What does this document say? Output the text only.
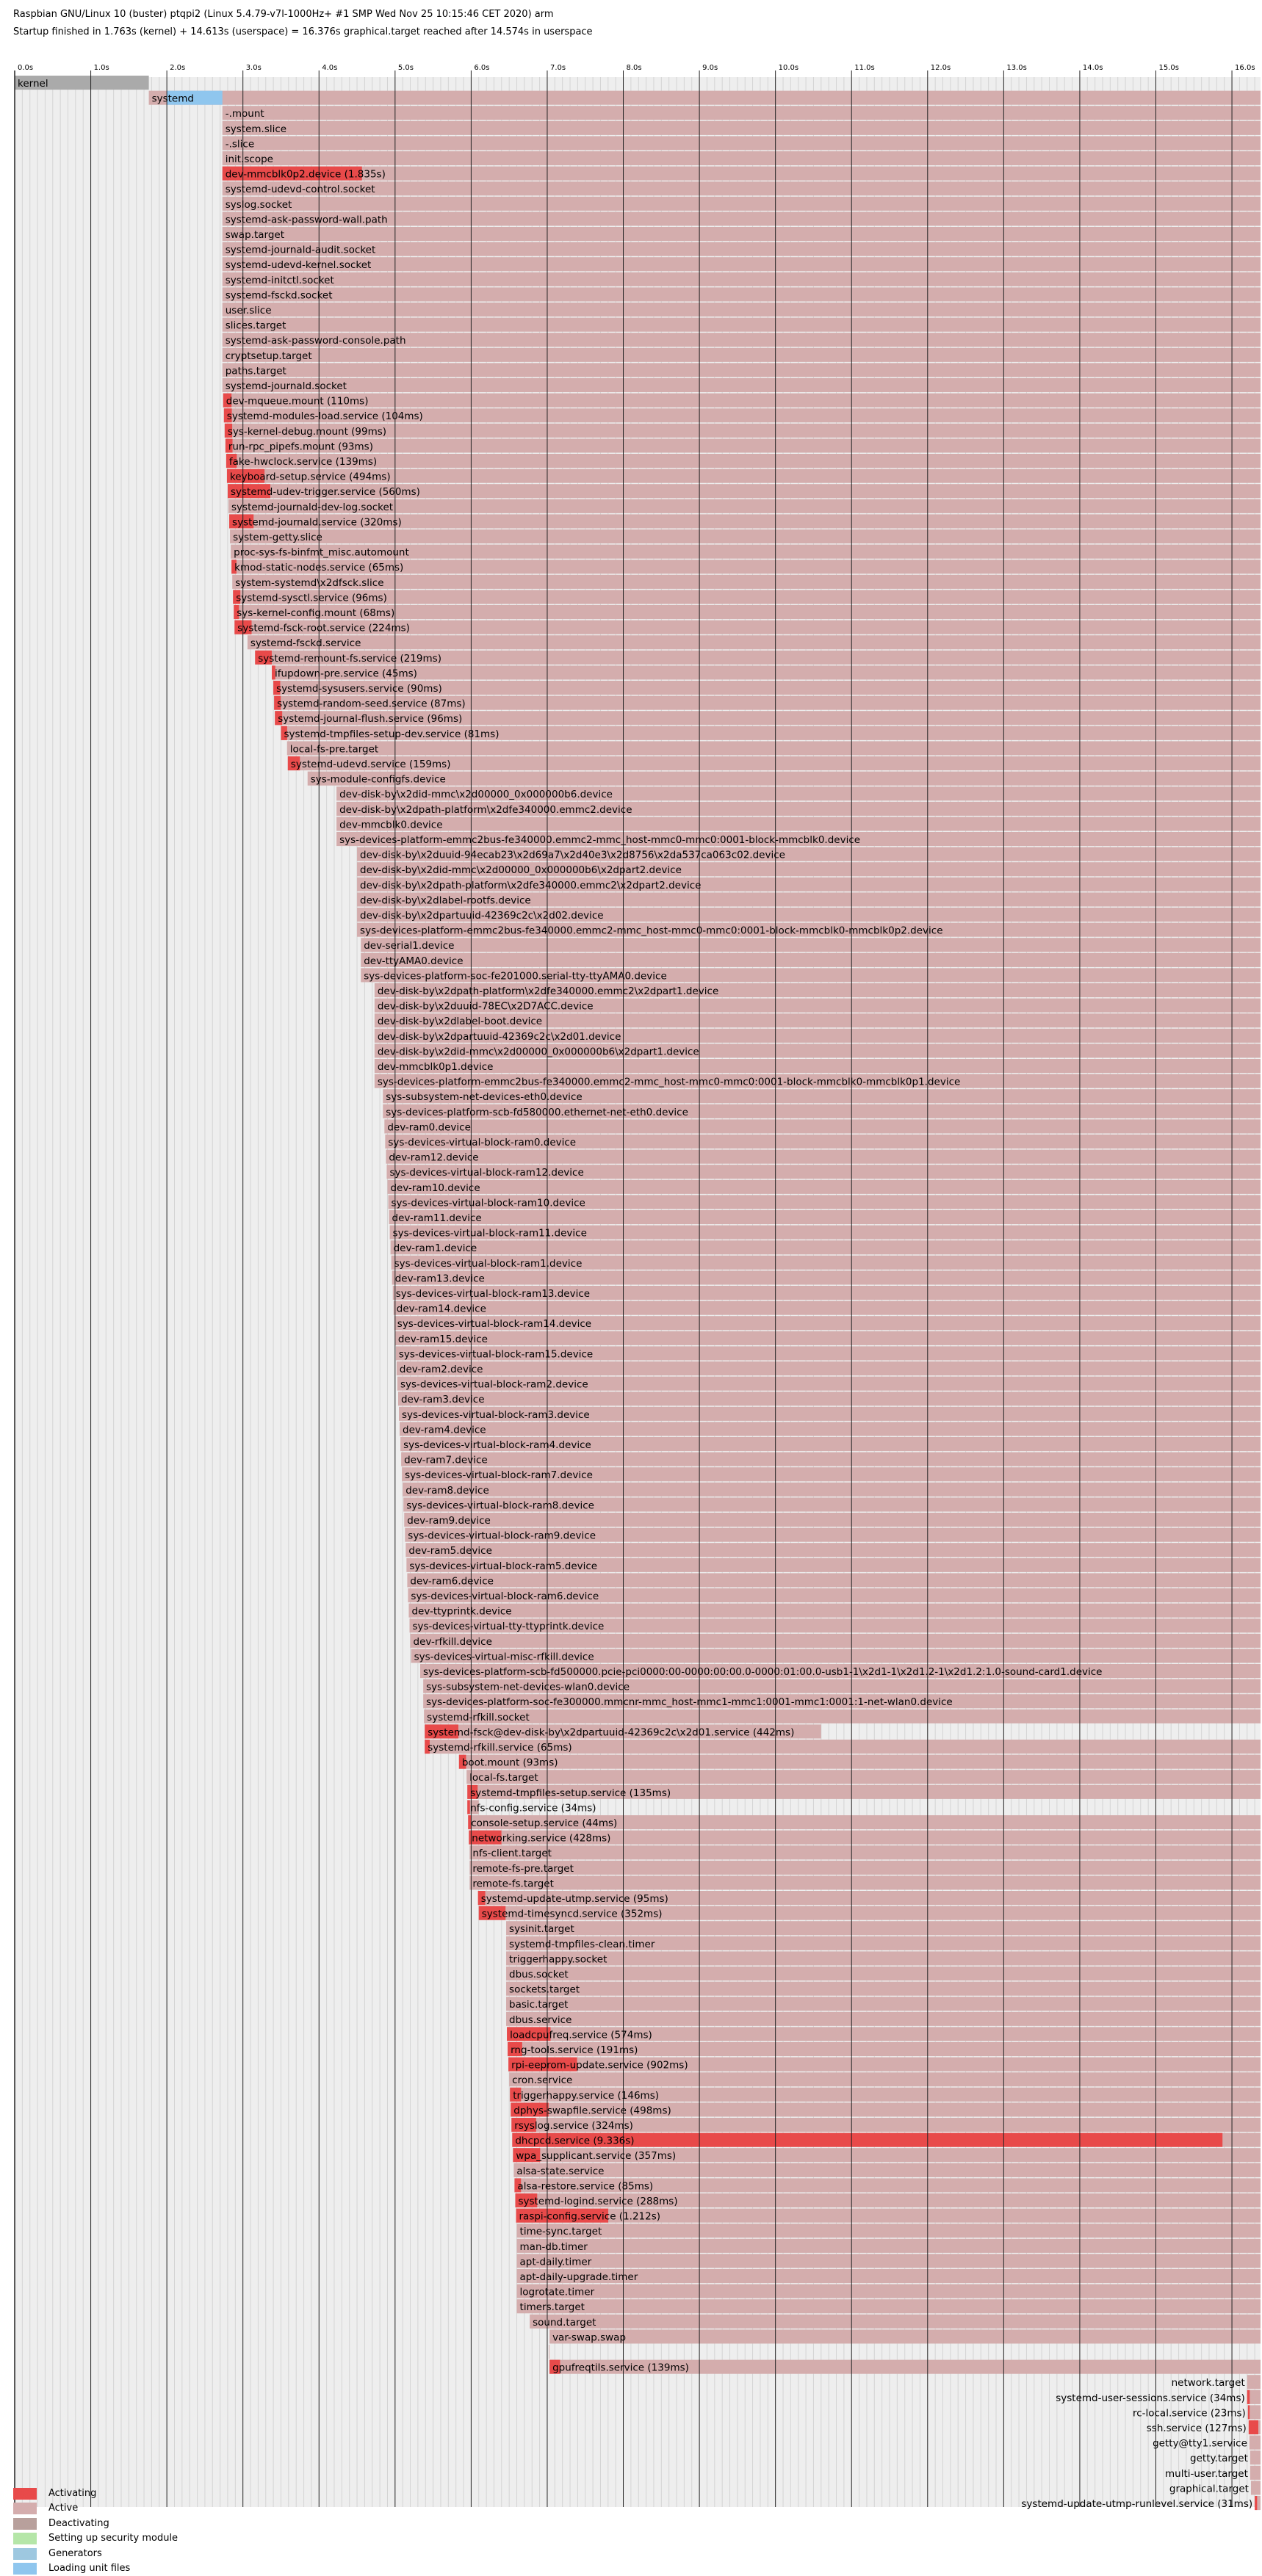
Raspbian GNU/Linux 10 (buster) ptqpi2 (Linux 5.4.79-v7l-1000Hz+ #1 SMP Wed Nov 25 10:15:46 CET 2020) arm
Startup finished in 1.763s (kernel) + 14.613s (userspace) = 16.376s graphical.target reached after 14.574s in userspace
0.0s	1.0s	2.0s	3.0s	4.0s	5.0s	6.0s	7.0s	8.0s	9.0s	10.0s	11.0s	12.0s	13.0s	14.0s	15.0s	16.0s
kernel
systemd
-.mount
system.slice
-.slice
init.scope
dev-mmcblk0p2.device (1.835s)
systemd-udevd-control.socket
syslog.socket
systemd-ask-password-wall.path
swap.target
systemd-journald-audit.socket
systemd-udevd-kernel.socket
systemd-initctl.socket
systemd-fsckd.socket
user.slice
slices.target
systemd-ask-password-console.path
cryptsetup.target
paths.target
systemd-journald.socket
dev-mqueue.mount (110ms)
systemd-modules-load.service (104ms)
sys-kernel-debug.mount (99ms)
run-rpc_pipefs.mount (93ms)
fake-hwclock.service (139ms)
keyboard-setup.service (494ms)
systemd-udev-trigger.service (560ms)
systemd-journald-dev-log.socket
systemd-journald.service (320ms)
system-getty.slice
proc-sys-fs-binfmt_misc.automount
kmod-static-nodes.service (65ms)
system-systemd\x2dfsck.slice
systemd-sysctl.service (96ms)
sys-kernel-config.mount (68ms)
systemd-fsck-root.service (224ms)
systemd-fsckd.service
systemd-remount-fs.service (219ms)
ifupdown-pre.service (45ms)
systemd-sysusers.service (90ms)
systemd-random-seed.service (87ms)
systemd-journal-flush.service (96ms)
systemd-tmpfiles-setup-dev.service (81ms)
local-fs-pre.target
systemd-udevd.service (159ms)
sys-module-configfs.device
dev-disk-by\x2did-mmc\x2d00000_0x000000b6.device
dev-disk-by\x2dpath-platform\x2dfe340000.emmc2.device
dev-mmcblk0.device
sys-devices-platform-emmc2bus-fe340000.emmc2-mmc_host-mmc0-mmc0:0001-block-mmcblk0.device
dev-disk-by\x2duuid-94ecab23\x2d69a7\x2d40e3\x2d8756\x2da537ca063c02.device
dev-disk-by\x2did-mmc\x2d00000_0x000000b6\x2dpart2.device
dev-disk-by\x2dpath-platform\x2dfe340000.emmc2\x2dpart2.device
dev-disk-by\x2dlabel-rootfs.device
dev-disk-by\x2dpartuuid-42369c2c\x2d02.device
sys-devices-platform-emmc2bus-fe340000.emmc2-mmc_host-mmc0-mmc0:0001-block-mmcblk0-mmcblk0p2.device
dev-serial1.device
dev-ttyAMA0.device
sys-devices-platform-soc-fe201000.serial-tty-ttyAMA0.device
dev-disk-by\x2dpath-platform\x2dfe340000.emmc2\x2dpart1.device
dev-disk-by\x2duuid-78EC\x2D7ACC.device
dev-disk-by\x2dlabel-boot.device
dev-disk-by\x2dpartuuid-42369c2c\x2d01.device
dev-disk-by\x2did-mmc\x2d00000_0x000000b6\x2dpart1.device
dev-mmcblk0p1.device
sys-devices-platform-emmc2bus-fe340000.emmc2-mmc_host-mmc0-mmc0:0001-block-mmcblk0-mmcblk0p1.device
sys-subsystem-net-devices-eth0.device
sys-devices-platform-scb-fd580000.ethernet-net-eth0.device
dev-ram0.device
sys-devices-virtual-block-ram0.device
dev-ram12.device
sys-devices-virtual-block-ram12.device
dev-ram10.device
sys-devices-virtual-block-ram10.device
dev-ram11.device
sys-devices-virtual-block-ram11.device
dev-ram1.device
sys-devices-virtual-block-ram1.device
dev-ram13.device
sys-devices-virtual-block-ram13.device
dev-ram14.device
sys-devices-virtual-block-ram14.device
dev-ram15.device
sys-devices-virtual-block-ram15.device
dev-ram2.device
sys-devices-virtual-block-ram2.device
dev-ram3.device
sys-devices-virtual-block-ram3.device
dev-ram4.device
sys-devices-virtual-block-ram4.device
dev-ram7.device
sys-devices-virtual-block-ram7.device
dev-ram8.device
sys-devices-virtual-block-ram8.device
dev-ram9.device
sys-devices-virtual-block-ram9.device
dev-ram5.device
sys-devices-virtual-block-ram5.device
dev-ram6.device
sys-devices-virtual-block-ram6.device
dev-ttyprintk.device
sys-devices-virtual-tty-ttyprintk.device
dev-rfkill.device
sys-devices-virtual-misc-rfkill.device
sys-devices-platform-scb-fd500000.pcie-pci0000:00-0000:00:00.0-0000:01:00.0-usb1-1\x2d1-1\x2d1.2-1\x2d1.2:1.0-sound-card1.device
sys-subsystem-net-devices-wlan0.device
sys-devices-platform-soc-fe300000.mmcnr-mmc_host-mmc1-mmc1:0001-mmc1:0001:1-net-wlan0.device
systemd-rfkill.socket
systemd-fsck@dev-disk-by\x2dpartuuid-42369c2c\x2d01.service (442ms)
systemd-rfkill.service (65ms)
boot.mount (93ms)
local-fs.target
systemd-tmpfiles-setup.service (135ms)
nfs-config.service (34ms)
console-setup.service (44ms)
networking.service (428ms)
nfs-client.target
remote-fs-pre.target
remote-fs.target
systemd-update-utmp.service (95ms)
systemd-timesyncd.service (352ms)
sysinit.target
systemd-tmpfiles-clean.timer
triggerhappy.socket
dbus.socket
sockets.target
basic.target
dbus.service
loadcpufreq.service (574ms)
rng-tools.service (191ms)
rpi-eeprom-update.service (902ms)
cron.service
triggerhappy.service (146ms)
dphys-swapfile.service (498ms)
rsyslog.service (324ms)
dhcpcd.service (9.336s)
wpa_supplicant.service (357ms)
alsa-state.service
alsa-restore.service (85ms)
systemd-logind.service (288ms)
raspi-config.service (1.212s)
time-sync.target
man-db.timer
apt-daily.timer
apt-daily-upgrade.timer
logrotate.timer
timers.target
sound.target
var-swap.swap
gpufreqtils.service (139ms)
network.target
systemd-user-sessions.service (34ms)
rc-local.service (23ms)
ssh.service (127ms)
getty@tty1.service
getty.target
multi-user.target
graphical.target
systemd-update-utmp-runlevel.service (31ms)
Activating
Active
Deactivating
Setting up security module
Generators
Loading unit files
